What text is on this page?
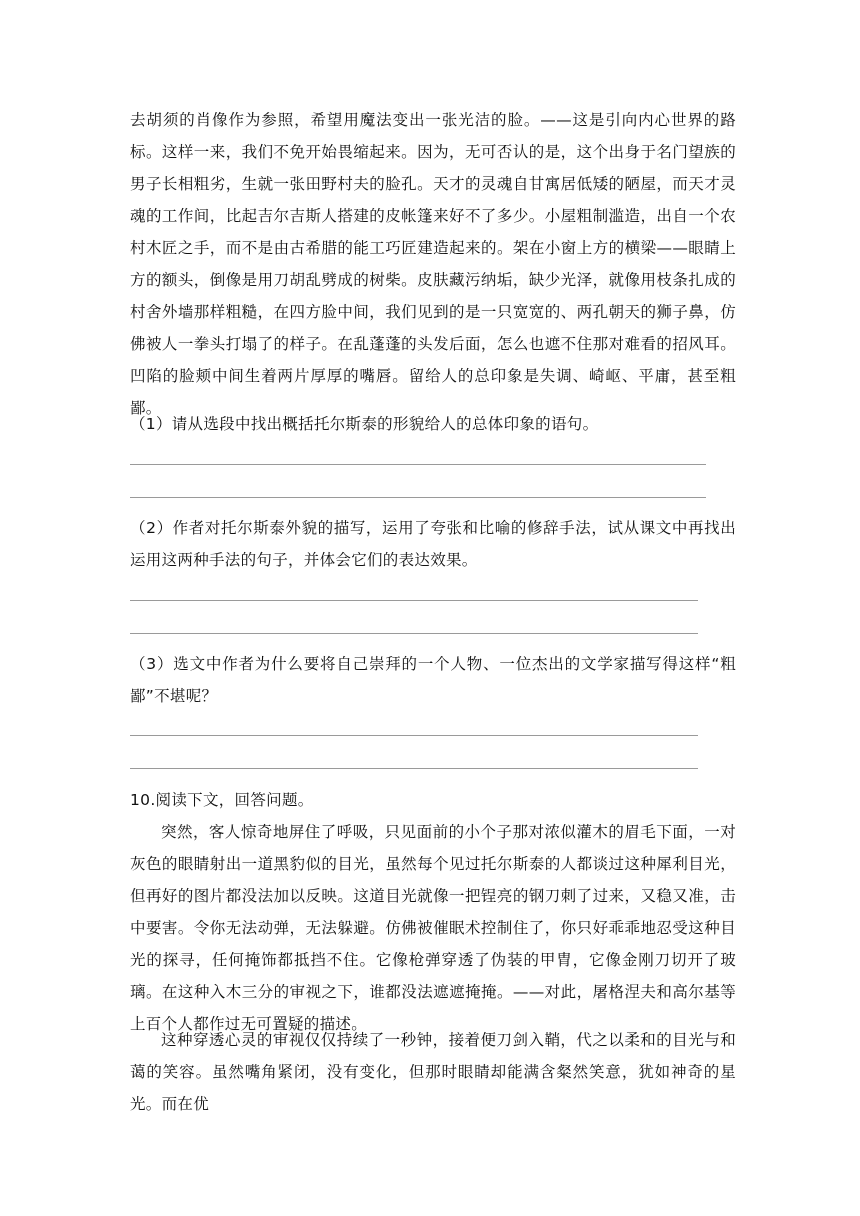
去胡须的肖像作为参照，希望用魔法变出一张光洁的脸。——这是引向内心世界的路标。这样一来，我们不免开始畏缩起来。因为，无可否认的是，这个出身于名门望族的男子长相粗劣，生就一张田野村夫的脸孔。天才的灵魂自甘寓居低矮的陋屋，而天才灵魂的工作间，比起吉尔吉斯人搭建的皮帐篷来好不了多少。小屋粗制滥造，出自一个农村木匠之手，而不是由古希腊的能工巧匠建造起来的。架在小窗上方的横梁——眼睛上方的额头，倒像是用刀胡乱劈成的树柴。皮肤藏污纳垢，缺少光泽，就像用枝条扎成的村舍外墙那样粗糙，在四方脸中间，我们见到的是一只宽宽的、两孔朝天的狮子鼻，仿佛被人一拳头打塌了的样子。在乱蓬蓬的头发后面，怎么也遮不住那对难看的招风耳。凹陷的脸颊中间生着两片厚厚的嘴唇。留给人的总印象是失调、崎岖、平庸，甚至粗鄙。
（1）请从选段中找出概括托尔斯泰的形貌给人的总体印象的语句。
（2）作者对托尔斯泰外貌的描写，运用了夸张和比喻的修辞手法，试从课文中再找出运用这两种手法的句子，并体会它们的表达效果。
（3）选文中作者为什么要将自己崇拜的一个人物、一位杰出的文学家描写得这样“粗鄙”不堪呢？
10.阅读下文，回答问题。
突然，客人惊奇地屏住了呼吸，只见面前的小个子那对浓似灌木的眉毛下面，一对灰色的眼睛射出一道黑豹似的目光，虽然每个见过托尔斯泰的人都谈过这种犀利目光，但再好的图片都没法加以反映。这道目光就像一把锃亮的钢刀刺了过来，又稳又准，击中要害。令你无法动弹，无法躲避。仿佛被催眠术控制住了，你只好乖乖地忍受这种目光的探寻，任何掩饰都抵挡不住。它像枪弹穿透了伪装的甲胄，它像金刚刀切开了玻璃。在这种入木三分的审视之下，谁都没法遮遮掩掩。——对此，屠格涅夫和高尔基等上百个人都作过无可置疑的描述。
这种穿透心灵的审视仅仅持续了一秒钟，接着便刀剑入鞘，代之以柔和的目光与和蔼的笑容。虽然嘴角紧闭，没有变化，但那时眼睛却能满含粲然笑意，犹如神奇的星光。而在优
